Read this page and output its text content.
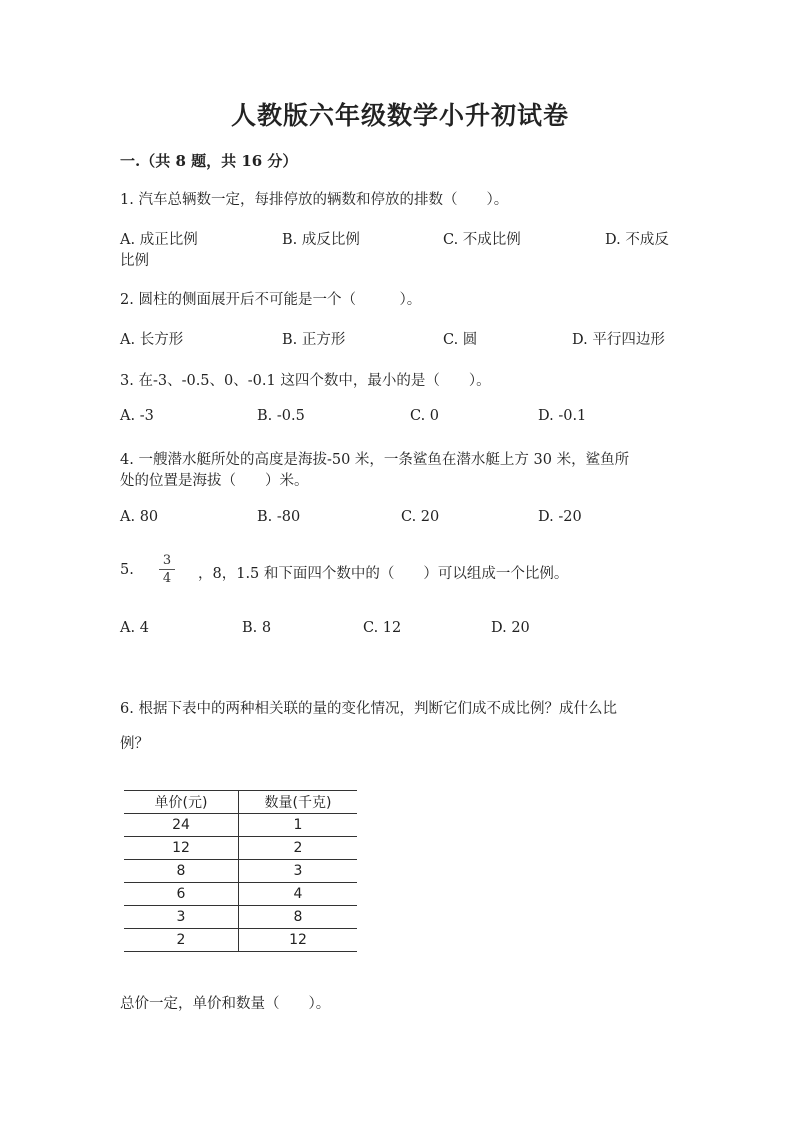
人教版六年级数学小升初试卷
一.（共 8 题，共 16 分）
1. 汽车总辆数一定，每排停放的辆数和停放的排数（　　）。
A. 成正比例	B. 成反比例	C. 不成比例	D. 不成反
比例
2. 圆柱的侧面展开后不可能是一个（　　　）。
A. 长方形	B. 正方形	C. 圆	D. 平行四边形
3. 在-3、-0.5、0、-0.1 这四个数中，最小的是（　　）。
A. -3	B. -0.5	C. 0	D. -0.1
4. 一艘潜水艇所处的高度是海拔-50 米，一条鲨鱼在潜水艇上方 30 米，鲨鱼所
处的位置是海拔（　　）米。
A. 80	B. -80	C. 20	D. -20
5.
3
4 ，8，1.5 和下面四个数中的（　　）可以组成一个比例。
A. 4	B. 8	C. 12	D. 20
6. 根据下表中的两种相关联的量的变化情况，判断它们成不成比例？成什么比
例？
单价(元)	数量(千克)
24	1
12	2
8	3
6	4
3	8
2	12
总价一定，单价和数量（　　）。
